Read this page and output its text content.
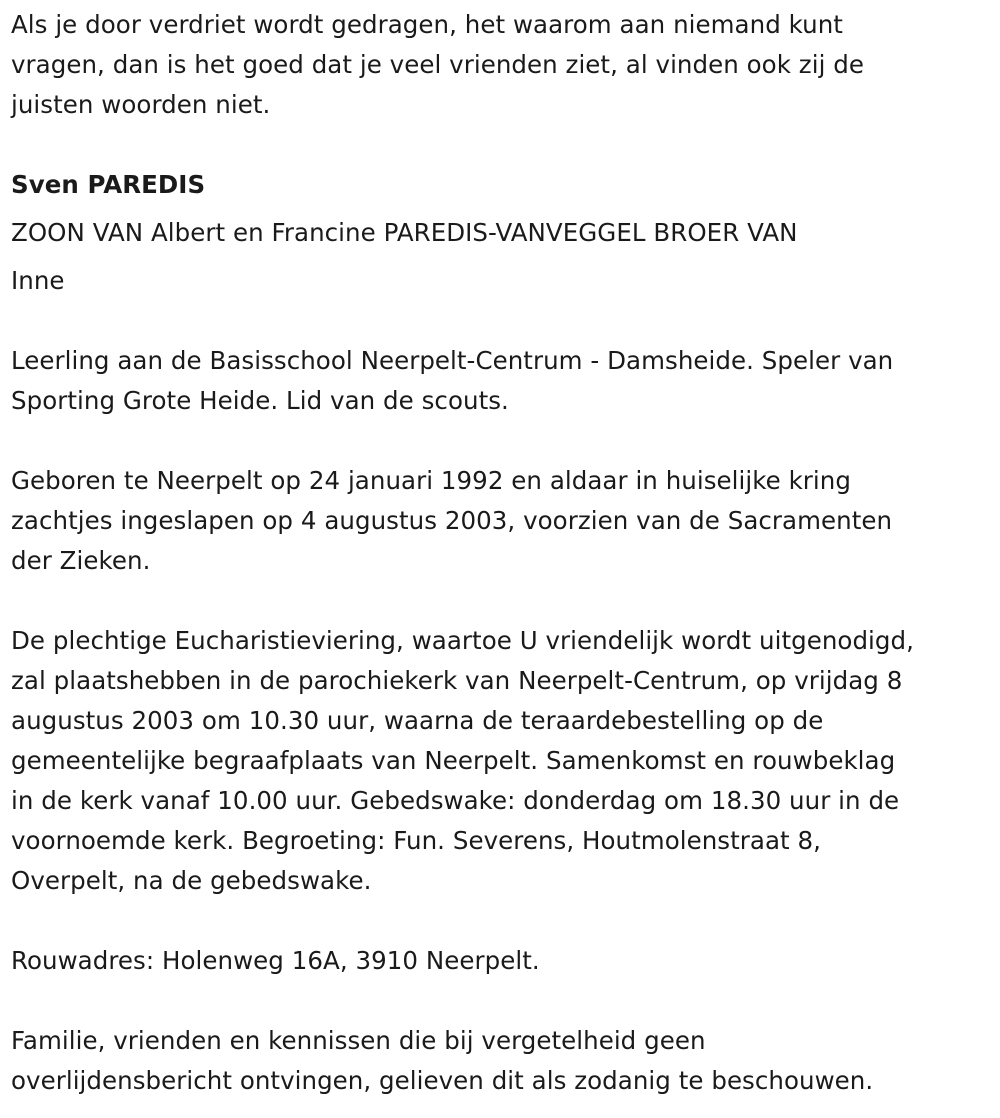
Als je door verdriet wordt gedragen, het waarom aan niemand kunt
vragen, dan is het goed dat je veel vrienden ziet, al vinden ook zij de
juisten woorden niet.
Sven PAREDIS
ZOON VAN Albert en Francine PAREDIS-VANVEGGEL BROER VAN
Inne
Leerling aan de Basisschool Neerpelt-Centrum - Damsheide. Speler van
Sporting Grote Heide. Lid van de scouts.
Geboren te Neerpelt op 24 januari 1992 en aldaar in huiselijke kring
zachtjes ingeslapen op 4 augustus 2003, voorzien van de Sacramenten
der Zieken.
De plechtige Eucharistieviering, waartoe U vriendelijk wordt uitgenodigd,
zal plaatshebben in de parochiekerk van Neerpelt-Centrum, op vrijdag 8
augustus 2003 om 10.30 uur, waarna de teraardebestelling op de
gemeentelijke begraafplaats van Neerpelt. Samenkomst en rouwbeklag
in de kerk vanaf 10.00 uur. Gebedswake: donderdag om 18.30 uur in de
voornoemde kerk. Begroeting: Fun. Severens, Houtmolenstraat 8,
Overpelt, na de gebedswake.
Rouwadres: Holenweg 16A, 3910 Neerpelt.
Familie, vrienden en kennissen die bij vergetelheid geen
overlijdensbericht ontvingen, gelieven dit als zodanig te beschouwen.
